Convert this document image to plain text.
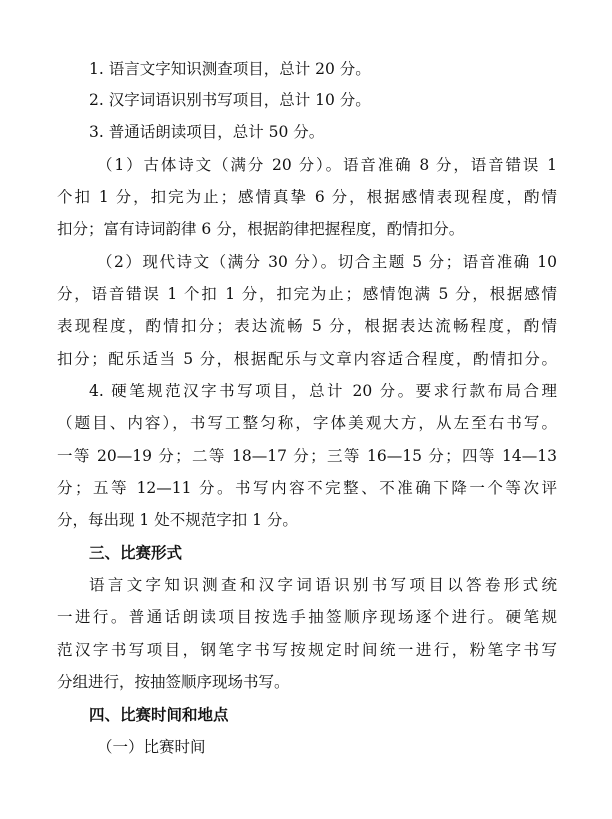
1. 语言文字知识测查项目，总计 20 分。

2. 汉字词语识别书写项目，总计 10 分。

3. 普通话朗读项目，总计 50 分。

（1）古体诗文（满分 20 分）。语音准确 8 分，语音错误 1

个扣 1 分，扣完为止；感情真挚 6 分，根据感情表现程度，酌情

扣分；富有诗词韵律 6 分，根据韵律把握程度，酌情扣分。

（2）现代诗文（满分 30 分）。切合主题 5 分；语音准确 10

分，语音错误 1 个扣 1 分，扣完为止；感情饱满 5 分，根据感情

表现程度，酌情扣分；表达流畅 5 分，根据表达流畅程度，酌情

扣分；配乐适当 5 分，根据配乐与文章内容适合程度，酌情扣分。

4. 硬笔规范汉字书写项目，总计 20 分。要求行款布局合理

（题目、内容），书写工整匀称，字体美观大方，从左至右书写。

一等 20—19 分；二等 18—17 分；三等 16—15 分；四等 14—13

分；五等 12—11 分。书写内容不完整、不准确下降一个等次评

分，每出现 1 处不规范字扣 1 分。

三、比赛形式

语言文字知识测查和汉字词语识别书写项目以答卷形式统

一进行。普通话朗读项目按选手抽签顺序现场逐个进行。硬笔规

范汉字书写项目，钢笔字书写按规定时间统一进行，粉笔字书写

分组进行，按抽签顺序现场书写。

四、比赛时间和地点

（一）比赛时间
